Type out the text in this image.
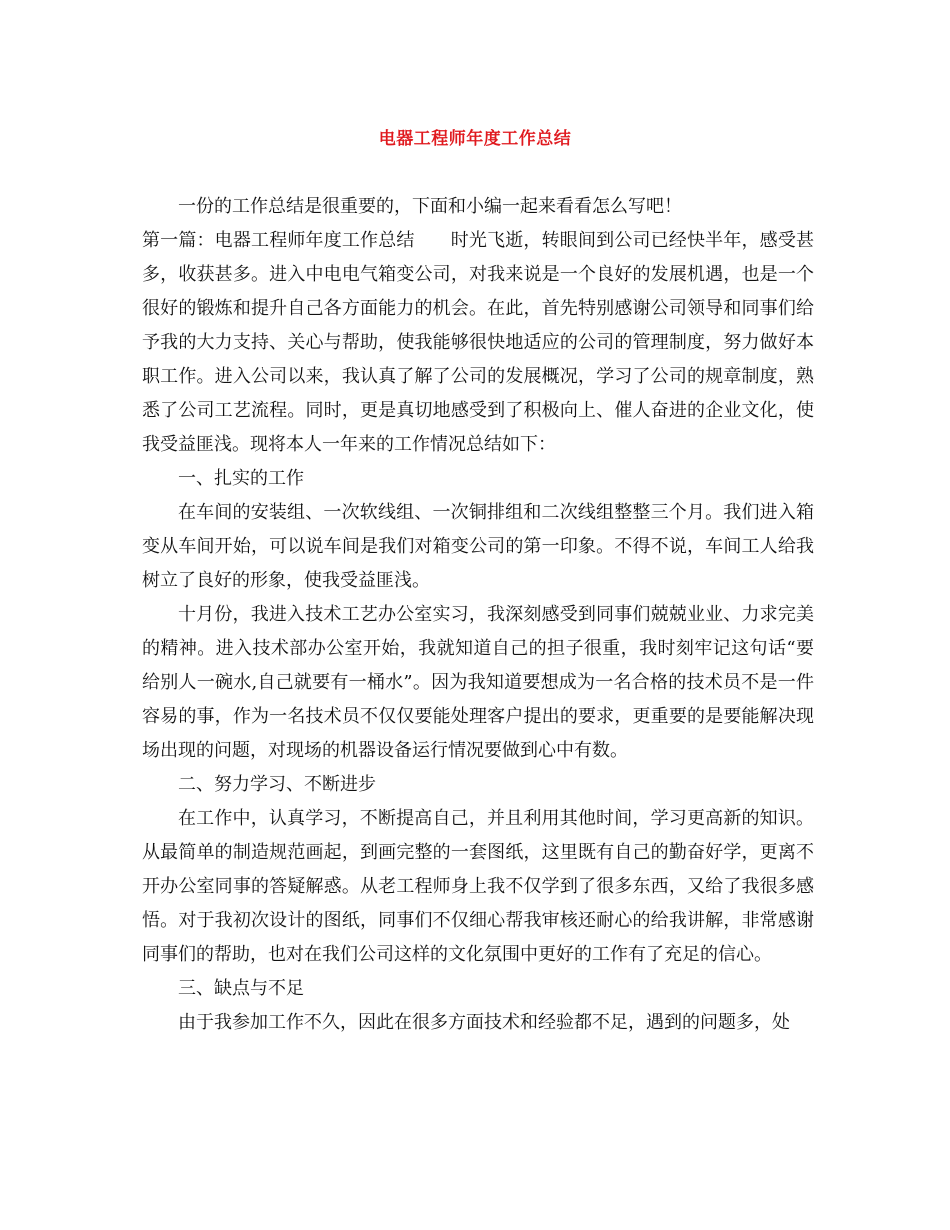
电器工程师年度工作总结

一份的工作总结是很重要的，下面和小编一起来看看怎么写吧！

第一篇：电器工程师年度工作总结 时光飞逝，转眼间到公司已经快半年，感受甚多，收获甚多。进入中电电气箱变公司，对我来说是一个良好的发展机遇，也是一个很好的锻炼和提升自己各方面能力的机会。在此，首先特别感谢公司领导和同事们给予我的大力支持、关心与帮助，使我能够很快地适应的公司的管理制度，努力做好本职工作。进入公司以来，我认真了解了公司的发展概况，学习了公司的规章制度，熟悉了公司工艺流程。同时，更是真切地感受到了积极向上、催人奋进的企业文化，使我受益匪浅。现将本人一年来的工作情况总结如下：

一、扎实的工作

在车间的安装组、一次软线组、一次铜排组和二次线组整整三个月。我们进入箱变从车间开始，可以说车间是我们对箱变公司的第一印象。不得不说，车间工人给我树立了良好的形象，使我受益匪浅。

十月份，我进入技术工艺办公室实习，我深刻感受到同事们兢兢业业、力求完美的精神。进入技术部办公室开始，我就知道自己的担子很重，我时刻牢记这句话“要给别人一碗水,自己就要有一桶水”。因为我知道要想成为一名合格的技术员不是一件容易的事，作为一名技术员不仅仅要能处理客户提出的要求，更重要的是要能解决现场出现的问题，对现场的机器设备运行情况要做到心中有数。

二、努力学习、不断进步

在工作中，认真学习，不断提高自己，并且利用其他时间，学习更高新的知识。从最简单的制造规范画起，到画完整的一套图纸，这里既有自己的勤奋好学，更离不开办公室同事的答疑解惑。从老工程师身上我不仅学到了很多东西，又给了我很多感悟。对于我初次设计的图纸，同事们不仅细心帮我审核还耐心的给我讲解，非常感谢同事们的帮助，也对在我们公司这样的文化氛围中更好的工作有了充足的信心。

三、缺点与不足

由于我参加工作不久，因此在很多方面技术和经验都不足，遇到的问题多，处
